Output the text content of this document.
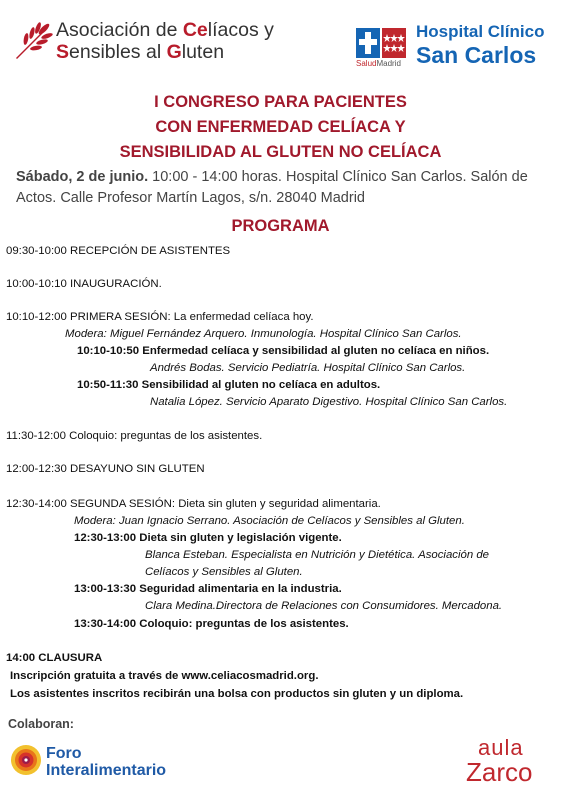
Asociación de Celíacos y
Sensibles al Gluten
SaludMadrid
Hospital Clínico
San Carlos
I CONGRESO PARA PACIENTES
CON ENFERMEDAD CELÍACA Y
SENSIBILIDAD AL GLUTEN NO CELÍACA
Sábado, 2 de junio. 10:00 - 14:00 horas. Hospital Clínico San Carlos. Salón de
Actos. Calle Profesor Martín Lagos, s/n. 28040 Madrid
PROGRAMA
09:30-10:00 RECEPCIÓN DE ASISTENTES
10:00-10:10 INAUGURACIÓN.
10:10-12:00 PRIMERA SESIÓN: La enfermedad celíaca hoy.
Modera: Miguel Fernández Arquero. Inmunología. Hospital Clínico San Carlos.
10:10-10:50 Enfermedad celíaca y sensibilidad al gluten no celíaca en niños.
Andrés Bodas. Servicio Pediatría. Hospital Clínico San Carlos.
10:50-11:30 Sensibilidad al gluten no celíaca en adultos.
Natalia López. Servicio Aparato Digestivo. Hospital Clínico San Carlos.
11:30-12:00 Coloquio: preguntas de los asistentes.
12:00-12:30 DESAYUNO SIN GLUTEN
12:30-14:00 SEGUNDA SESIÓN: Dieta sin gluten y seguridad alimentaria.
Modera: Juan Ignacio Serrano. Asociación de Celíacos y Sensibles al Gluten.
12:30-13:00 Dieta sin gluten y legislación vigente.
Blanca Esteban. Especialista en Nutrición y Dietética. Asociación de
Celíacos y Sensibles al Gluten.
13:00-13:30 Seguridad alimentaria en la industria.
Clara Medina.Directora de Relaciones con Consumidores. Mercadona.
13:30-14:00 Coloquio: preguntas de los asistentes.
14:00 CLAUSURA
Inscripción gratuita a través de www.celiacosmadrid.org.
Los asistentes inscritos recibirán una bolsa con productos sin gluten y un diploma.
Colaboran:
Foro
Interalimentario
aula
Zarco
